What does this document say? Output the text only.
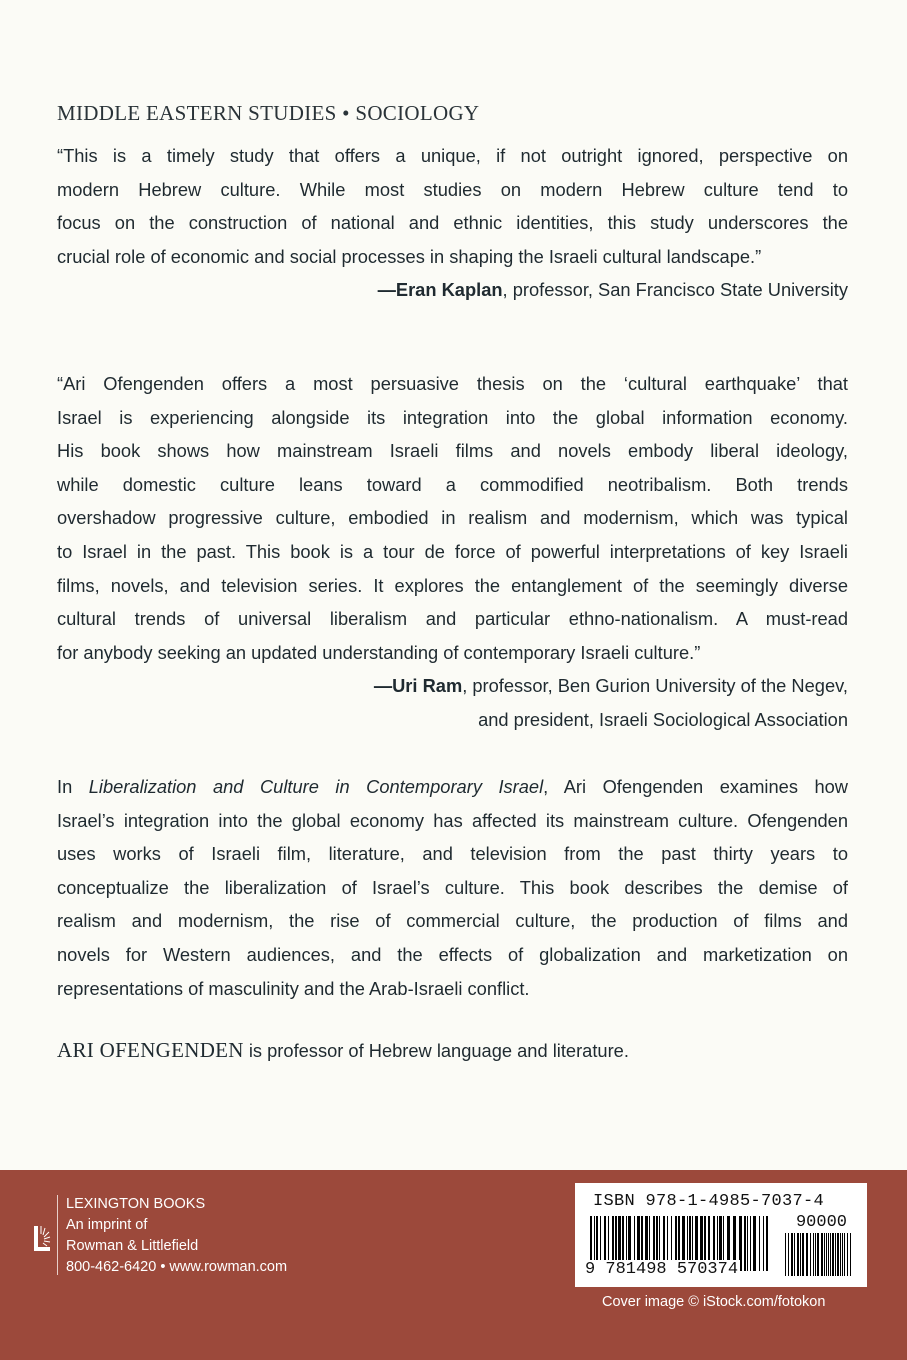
MIDDLE EASTERN STUDIES • SOCIOLOGY
“This is a timely study that offers a unique, if not outright ignored, perspective on
modern Hebrew culture. While most studies on modern Hebrew culture tend to
focus on the construction of national and ethnic identities, this study underscores the
crucial role of economic and social processes in shaping the Israeli cultural landscape.”
—Eran Kaplan, professor, San Francisco State University
“Ari Ofengenden offers a most persuasive thesis on the ‘cultural earthquake’ that
Israel is experiencing alongside its integration into the global information economy.
His book shows how mainstream Israeli films and novels embody liberal ideology,
while domestic culture leans toward a commodified neotribalism. Both trends
overshadow progressive culture, embodied in realism and modernism, which was typical
to Israel in the past. This book is a tour de force of powerful interpretations of key Israeli
films, novels, and television series. It explores the entanglement of the seemingly diverse
cultural trends of universal liberalism and particular ethno-nationalism. A must-read
for anybody seeking an updated understanding of contemporary Israeli culture.”
—Uri Ram, professor, Ben Gurion University of the Negev,
and president, Israeli Sociological Association
In Liberalization and Culture in Contemporary Israel, Ari Ofengenden examines how
Israel’s integration into the global economy has affected its mainstream culture. Ofengenden
uses works of Israeli film, literature, and television from the past thirty years to
conceptualize the liberalization of Israel’s culture. This book describes the demise of
realism and modernism, the rise of commercial culture, the production of films and
novels for Western audiences, and the effects of globalization and marketization on
representations of masculinity and the Arab-Israeli conflict.
ARI OFENGENDEN is professor of Hebrew language and literature.
LEXINGTON BOOKS
An imprint of
Rowman & Littlefield
800-462-6420 • www.rowman.com
ISBN 978-1-4985-7037-4
90000
9 781498 570374
Cover image © iStock.com/fotokon
